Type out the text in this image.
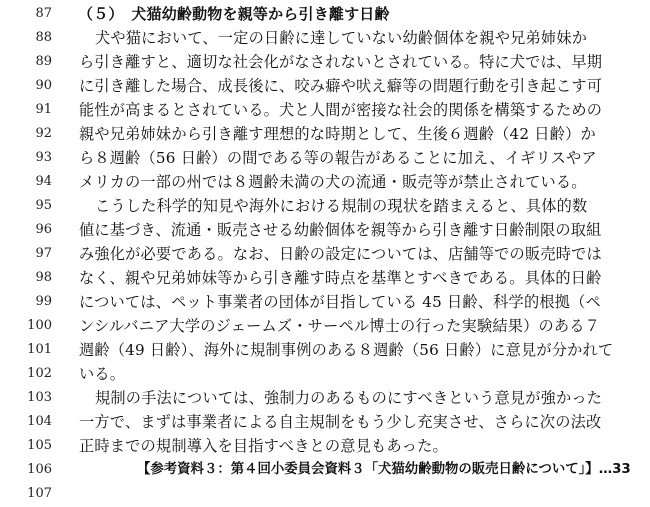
87 （５）　犬猫幼齢動物を親等から引き離す日齢
88	犬や猫において、一定の日齢に達していない幼齢個体を親や兄弟姉妹か
89 ら引き離すと、適切な社会化がなされないとされている。特に犬では、早期
90 に引き離した場合、成長後に、咬み癖や吠え癖等の問題行動を引き起こす可
91 能性が高まるとされている。犬と人間が密接な社会的関係を構築するための
92 親や兄弟姉妹から引き離す理想的な時期として、生後６週齢（42 日齢）か
93 ら８週齢（56 日齢）の間である等の報告があることに加え、イギリスやア
94 メリカの一部の州では８週齢未満の犬の流通・販売等が禁止されている。
95	こうした科学的知見や海外における規制の現状を踏まえると、具体的数
96 値に基づき、流通・販売させる幼齢個体を親等から引き離す日齢制限の取組
97 み強化が必要である。なお、日齢の設定については、店舗等での販売時では
98 なく、親や兄弟姉妹等から引き離す時点を基準とすべきである。具体的日齢
99 については、ペット事業者の団体が目指している 45 日齢、科学的根拠（ペ
100 ンシルバニア大学のジェームズ・サーペル博士の行った実験結果）のある７
101 週齢（49 日齢）、海外に規制事例のある８週齢（56 日齢）に意見が分かれて
102 いる。
103	規制の手法については、強制力のあるものにすべきという意見が強かった
104 一方で、まずは事業者による自主規制をもう少し充実させ、さらに次の法改
105 正時までの規制導入を目指すべきとの意見もあった。
106	【参考資料３：第４回小委員会資料３「犬猫幼齢動物の販売日齢について」】…33
107
